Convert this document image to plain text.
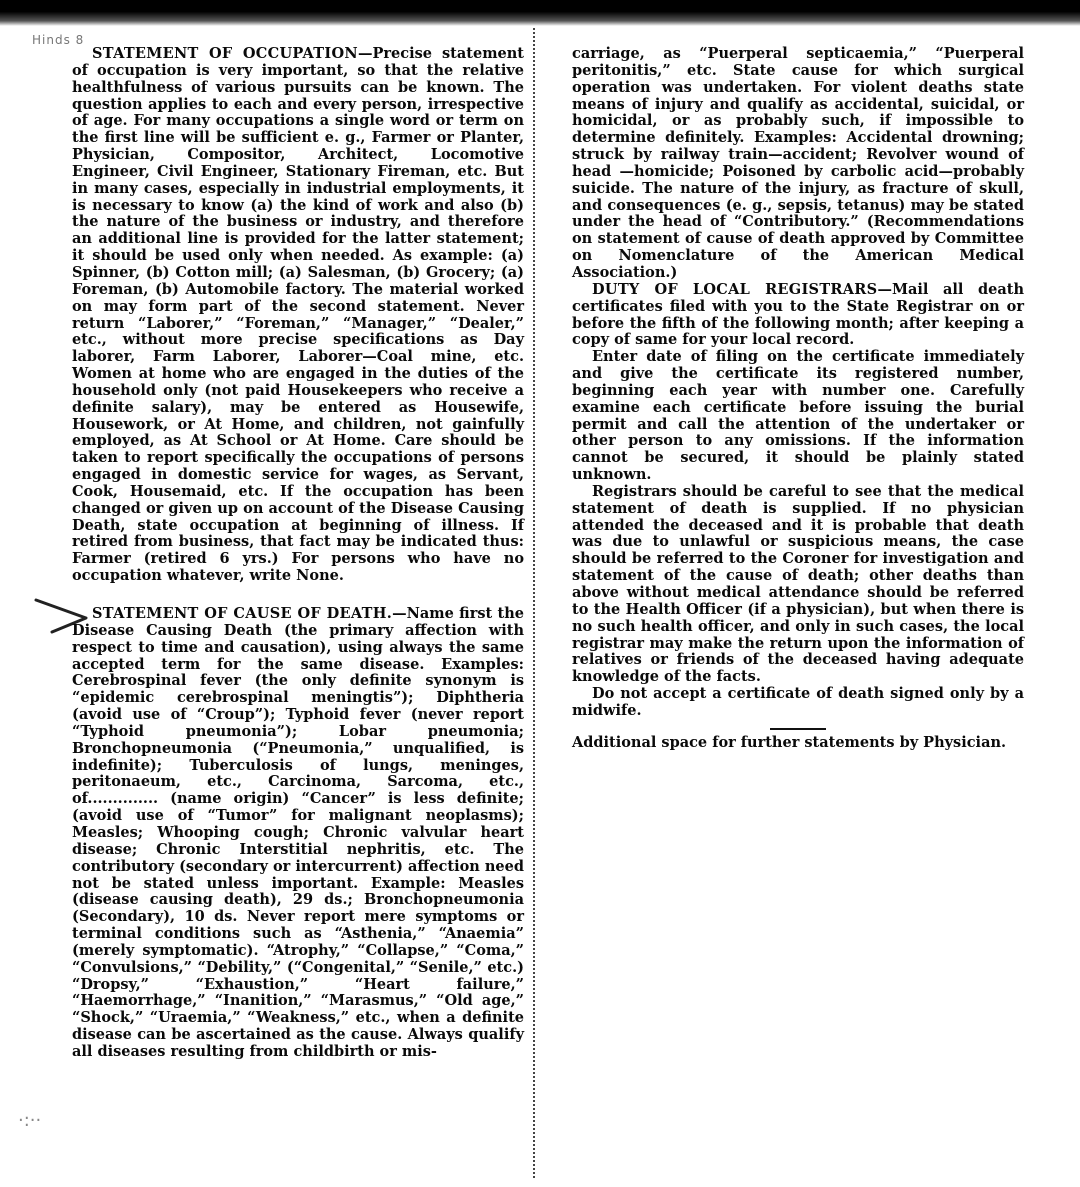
Hinds 8
·:··

STATEMENT OF OCCUPATION—Precise statement of occupation is very important, so that the relative healthfulness of various pursuits can be known. The question applies to each and every person, irrespective of age. For many occupations a single word or term on the first line will be sufficient e. g., Farmer or Planter, Physician, Compositor, Architect, Locomotive Engineer, Civil Engineer, Stationary Fireman, etc. But in many cases, especially in industrial employments, it is necessary to know (a) the kind of work and also (b) the nature of the business or industry, and therefore an additional line is provided for the latter statement; it should be used only when needed. As example: (a) Spinner, (b) Cotton mill; (a) Salesman, (b) Grocery; (a) Foreman, (b) Automobile factory. The material worked on may form part of the second statement. Never return “Laborer,” “Foreman,” “Manager,” “Dealer,” etc., without more precise specifications as Day laborer, Farm Laborer, Laborer—Coal mine, etc. Women at home who are engaged in the duties of the household only (not paid Housekeepers who receive a definite salary), may be entered as Housewife, Housework, or At Home, and children, not gainfully employed, as At School or At Home. Care should be taken to report specifically the occupations of persons engaged in domestic service for wages, as Servant, Cook, Housemaid, etc. If the occupation has been changed or given up on account of the Disease Causing Death, state occupation at beginning of illness. If retired from business, that fact may be indicated thus: Farmer (retired 6 yrs.) For persons who have no occupation whatever, write None.

STATEMENT OF CAUSE OF DEATH.—Name first the Disease Causing Death (the primary affection with respect to time and causation), using always the same accepted term for the same disease. Examples: Cerebrospinal fever (the only definite synonym is “epidemic cerebrospinal meningtis”); Diphtheria (avoid use of “Croup”); Typhoid fever (never report “Typhoid pneumonia”); Lobar pneumonia; Bronchopneumonia (“Pneumonia,” unqualified, is indefinite); Tuberculosis of lungs, meninges, peritonaeum, etc., Carcinoma, Sarcoma, etc., of.............. (name origin) “Cancer” is less definite; (avoid use of “Tumor” for malignant neoplasms); Measles; Whooping cough; Chronic valvular heart disease; Chronic Interstitial nephritis, etc. The contributory (secondary or intercurrent) affection need not be stated unless important. Example: Measles (disease causing death), 29 ds.; Bronchopneumonia (Secondary), 10 ds. Never report mere symptoms or terminal conditions such as “Asthenia,” “Anaemia” (merely symptomatic). “Atrophy,” “Collapse,” “Coma,” “Convulsions,” “Debility,” (“Congenital,” “Senile,” etc.) “Dropsy,” “Exhaustion,” “Heart failure,” “Haemorrhage,” “Inanition,” “Marasmus,” “Old age,” “Shock,” “Uraemia,” “Weakness,” etc., when a definite disease can be ascertained as the cause. Always qualify all diseases resulting from childbirth or mis-

carriage, as “Puerperal septicaemia,” “Puerperal peritonitis,” etc. State cause for which surgical operation was undertaken. For violent deaths state means of injury and qualify as accidental, suicidal, or homicidal, or as probably such, if impossible to determine definitely. Examples: Accidental drowning; struck by railway train—accident; Revolver wound of head —homicide; Poisoned by carbolic acid—probably suicide. The nature of the injury, as fracture of skull, and consequences (e. g., sepsis, tetanus) may be stated under the head of “Contributory.” (Recommendations on statement of cause of death approved by Committee on Nomenclature of the American Medical Association.)

DUTY OF LOCAL REGISTRARS—Mail all death certificates filed with you to the State Registrar on or before the fifth of the following month; after keeping a copy of same for your local record.

Enter date of filing on the certificate immediately and give the certificate its registered number, beginning each year with number one. Carefully examine each certificate before issuing the burial permit and call the attention of the undertaker or other person to any omissions. If the information cannot be secured, it should be plainly stated unknown.

Registrars should be careful to see that the medical statement of death is supplied. If no physician attended the deceased and it is probable that death was due to unlawful or suspicious means, the case should be referred to the Coroner for investigation and statement of the cause of death; other deaths than above without medical attendance should be referred to the Health Officer (if a physician), but when there is no such health officer, and only in such cases, the local registrar may make the return upon the information of relatives or friends of the deceased having adequate knowledge of the facts.

Do not accept a certificate of death signed only by a midwife.

Additional space for further statements by Physician.
